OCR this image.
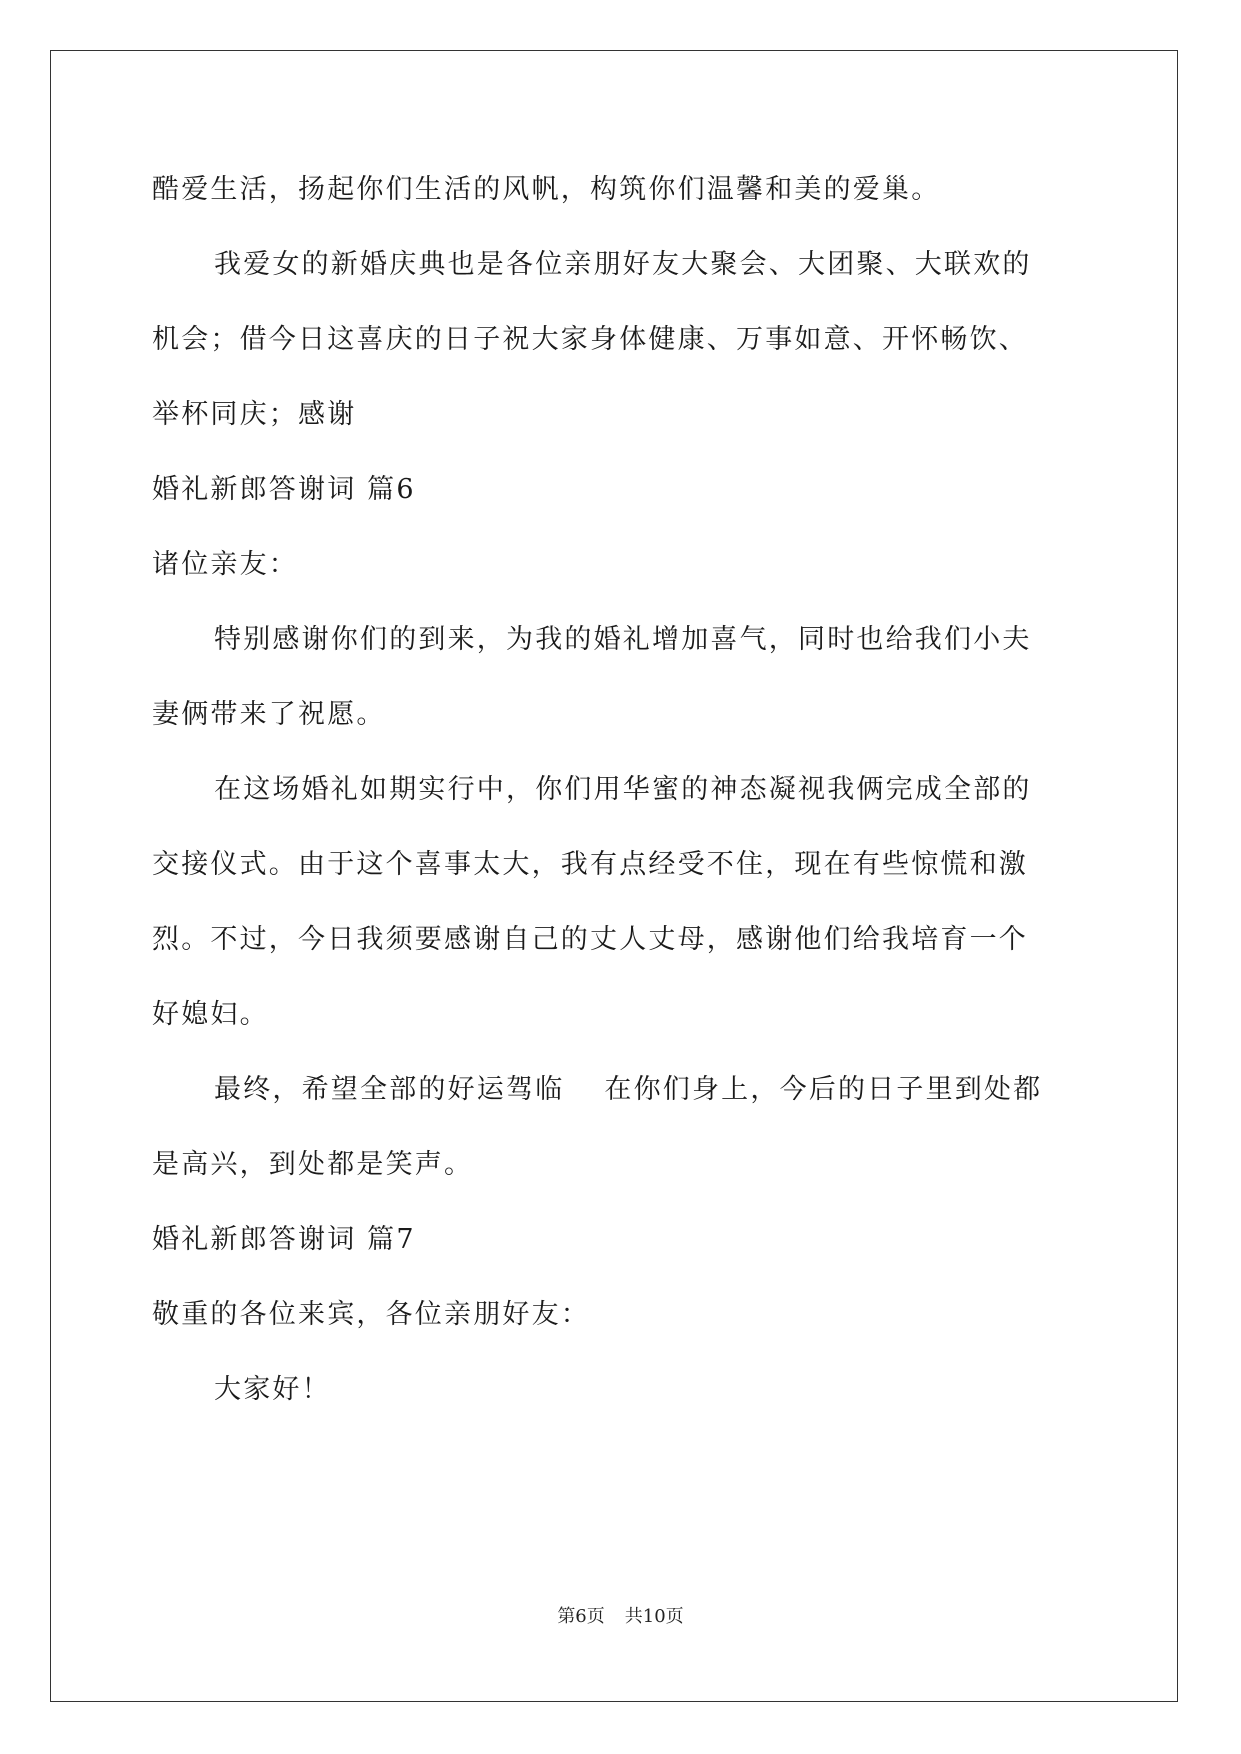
酷爱生活，扬起你们生活的风帆，构筑你们温馨和美的爱巢。
我爱女的新婚庆典也是各位亲朋好友大聚会、大团聚、大联欢的
机会；借今日这喜庆的日子祝大家身体健康、万事如意、开怀畅饮、
举杯同庆；感谢
婚礼新郎答谢词 篇6
诸位亲友：
特别感谢你们的到来，为我的婚礼增加喜气，同时也给我们小夫
妻俩带来了祝愿。
在这场婚礼如期实行中，你们用华蜜的神态凝视我俩完成全部的
交接仪式。由于这个喜事太大，我有点经受不住，现在有些惊慌和激
烈。不过，今日我须要感谢自己的丈人丈母，感谢他们给我培育一个
好媳妇。
最终，希望全部的好运驾临　 在你们身上，今后的日子里到处都
是高兴，到处都是笑声。
婚礼新郎答谢词 篇7
敬重的各位来宾，各位亲朋好友：
大家好！
第6页 共10页
